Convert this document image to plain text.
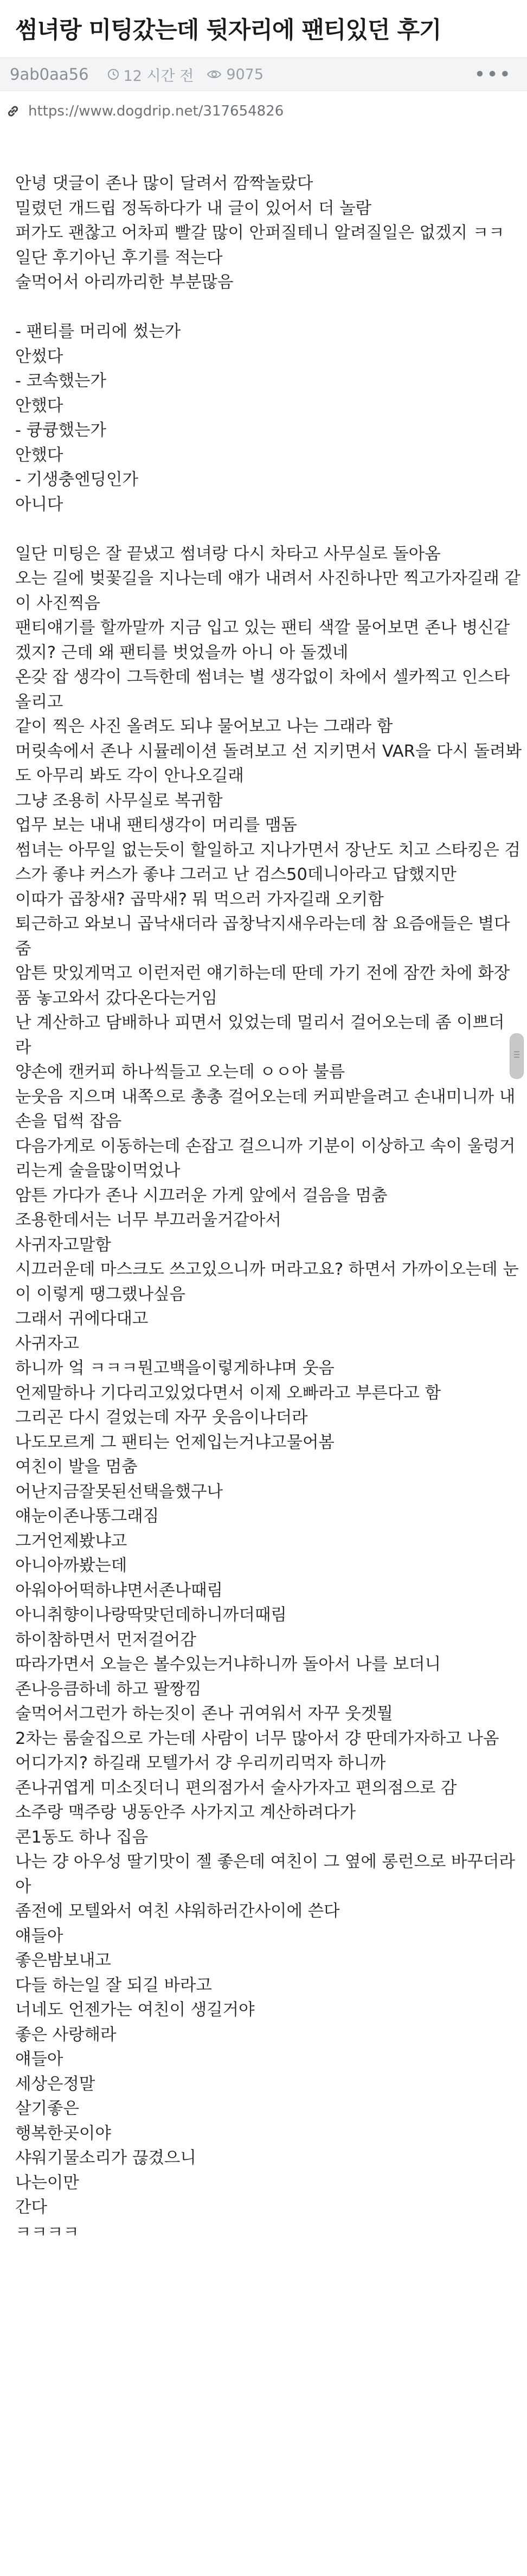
썸녀랑 미팅갔는데 뒷자리에 팬티있던 후기
9ab0aa56 12 시간 전 9075	•••
https://www.dogdrip.net/317654826
안녕 댓글이 존나 많이 달려서 깜짝놀랐다
밀렸던 개드립 정독하다가 내 글이 있어서 더 놀람
퍼가도 괜찮고 어차피 빨갈 많이 안퍼질테니 알려질일은 없겠지 ㅋㅋ
일단 후기아닌 후기를 적는다
술먹어서 아리까리한 부분많음
- 팬티를 머리에 썼는가
안썼다
- 코속했는가
안했다
- 큥큥했는가
안했다
- 기생충엔딩인가
아니다
일단 미팅은 잘 끝냈고 썸녀랑 다시 차타고 사무실로 돌아옴
오는 길에 벚꽃길을 지나는데 얘가 내려서 사진하나만 찍고가자길래 같
이 사진찍음
팬티얘기를 할까말까 지금 입고 있는 팬티 색깔 물어보면 존나 병신같
겠지? 근데 왜 팬티를 벗었을까 아니 아 돌겠네
온갖 잡 생각이 그득한데 썸녀는 별 생각없이 차에서 셀카찍고 인스타
올리고
같이 찍은 사진 올려도 되냐 물어보고 나는 그래라 함
머릿속에서 존나 시뮬레이션 돌려보고 선 지키면서 VAR을 다시 돌려봐
도 아무리 봐도 각이 안나오길래
그냥 조용히 사무실로 복귀함
업무 보는 내내 팬티생각이 머리를 맴돔
썸녀는 아무일 없는듯이 할일하고 지나가면서 장난도 치고 스타킹은 검
스가 좋냐 커스가 좋냐 그러고 난 검스50데니아라고 답했지만
이따가 곱창새? 곱막새? 뭐 먹으러 가자길래 오키함
퇴근하고 와보니 곱낙새더라 곱창낙지새우라는데 참 요즘애들은 별다
줌
암튼 맛있게먹고 이런저런 얘기하는데 딴데 가기 전에 잠깐 차에 화장
품 놓고와서 갔다온다는거임
난 계산하고 담배하나 피면서 있었는데 멀리서 걸어오는데 좀 이쁘더
라
양손에 캔커피 하나씩들고 오는데 ㅇㅇ아 불름
눈웃음 지으며 내쪽으로 총총 걸어오는데 커피받을려고 손내미니까 내
손을 덥썩 잡음
다음가게로 이동하는데 손잡고 걸으니까 기분이 이상하고 속이 울렁거
리는게 술을많이먹었나
암튼 가다가 존나 시끄러운 가게 앞에서 걸음을 멈춤
조용한데서는 너무 부끄러울거같아서
사귀자고말함
시끄러운데 마스크도 쓰고있으니까 머라고요? 하면서 가까이오는데 눈
이 이렇게 땡그랬나싶음
그래서 귀에다대고
사귀자고
하니까 엌 ㅋㅋㅋ뭔고백을이렇게하냐며 웃음
언제말하나 기다리고있었다면서 이제 오빠라고 부른다고 함
그리곤 다시 걸었는데 자꾸 웃음이나더라
나도모르게 그 팬티는 언제입는거냐고물어봄
여친이 발을 멈춤
어난지금잘못된선택을했구나
얘눈이존나똥그래짐
그거언제봤냐고
아니아까봤는데
아워아어떡하냐면서존나때림
아니취향이나랑딱맞던데하니까더때림
하이참하면서 먼저걸어감
따라가면서 오늘은 볼수있는거냐하니까 돌아서 나를 보더니
존나응큼하네 하고 팔짱낌
술먹어서그런가 하는짓이 존나 귀여워서 자꾸 웃겟뭘
2차는 룸술집으로 가는데 사람이 너무 많아서 걍 딴데가자하고 나옴
어디가지? 하길래 모텔가서 걍 우리끼리먹자 하니까
존나귀엽게 미소짓더니 편의점가서 술사가자고 편의점으로 감
소주랑 맥주랑 냉동안주 사가지고 계산하려다가
콘1동도 하나 집음
나는 걍 아우성 딸기맛이 젤 좋은데 여친이 그 옆에 롱런으로 바꾸더라
아
좀전에 모텔와서 여친 샤워하러간사이에 쓴다
얘들아
좋은밤보내고
다들 하는일 잘 되길 바라고
너네도 언젠가는 여친이 생길거야
좋은 사랑해라
얘들아
세상은정말
살기좋은
행복한곳이야
샤워기물소리가 끊겼으니
나는이만
간다
ㅋㅋㅋㅋ
